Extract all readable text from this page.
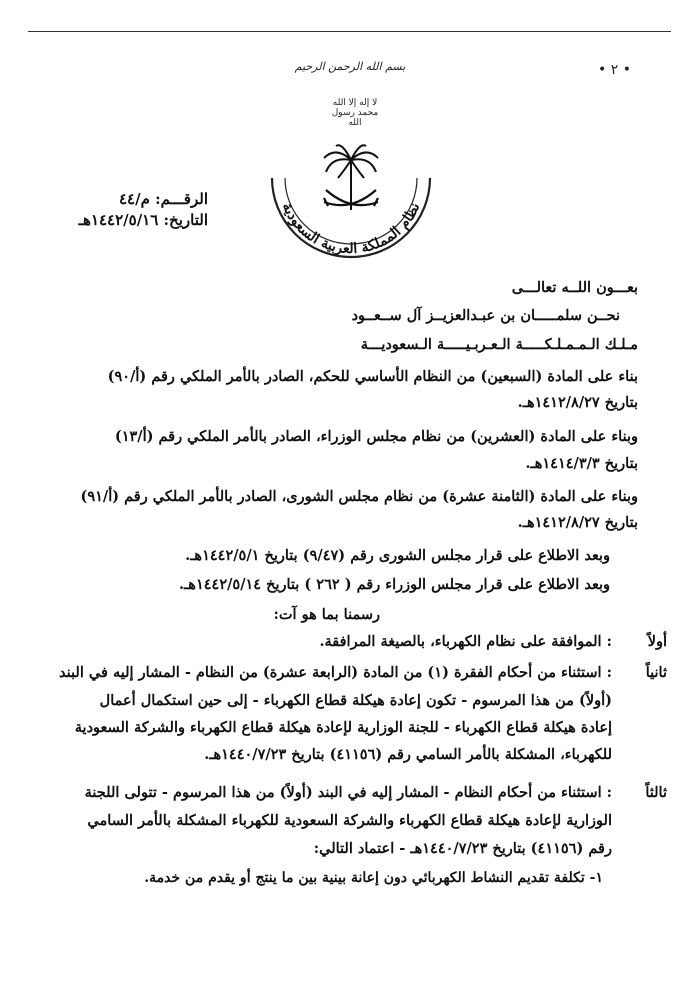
• ٢ •
بسم الله الرحمن الرحيم
لا إله إلا الله محمد رسول الله
نظام المملكة العربية السعودية
الرقـــم: م/٤٤
التاريخ: ١٤٤٢/٥/١٦هـ
بعـــون اللــه تعالـــى
نحــن سلمـــــان بن عبـدالعزيــز آل ســعــود
مـلـك الـمـمـلـكـــــة الـعـربـيـــــة الـسعوديـــة
بناء على المادة (السبعين) من النظام الأساسي للحكم، الصادر بالأمر الملكي رقم (أ/٩٠)
بتاريخ ١٤١٢/٨/٢٧هـ.
وبناء على المادة (العشرين) من نظام مجلس الوزراء، الصادر بالأمر الملكي رقم (أ/١٣)
بتاريخ ١٤١٤/٣/٣هـ.
وبناء على المادة (الثامنة عشرة) من نظام مجلس الشورى، الصادر بالأمر الملكي رقم (أ/٩١)
بتاريخ ١٤١٢/٨/٢٧هـ.
وبعد الاطلاع على قرار مجلس الشورى رقم (٩/٤٧) بتاريخ ١٤٤٢/٥/١هـ.
وبعد الاطلاع على قرار مجلس الوزراء رقم ( ٢٦٢ ) بتاريخ ١٤٤٢/٥/١٤هـ.
رسمنا بما هو آت:
أولاً
: الموافقة على نظام الكهرباء، بالصيغة المرافقة.
ثانياً
: استثناء من أحكام الفقرة (١) من المادة (الرابعة عشرة) من النظام - المشار إليه في البند
(أولاً) من هذا المرسوم - تكون إعادة هيكلة قطاع الكهرباء - إلى حين استكمال أعمال
إعادة هيكلة قطاع الكهرباء - للجنة الوزارية لإعادة هيكلة قطاع الكهرباء والشركة السعودية
للكهرباء، المشكلة بالأمر السامي رقم (٤١١٥٦) بتاريخ ١٤٤٠/٧/٢٣هـ.
ثالثاً
: استثناء من أحكام النظام - المشار إليه في البند (أولاً) من هذا المرسوم - تتولى اللجنة
الوزارية لإعادة هيكلة قطاع الكهرباء والشركة السعودية للكهرباء المشكلة بالأمر السامي
رقم (٤١١٥٦) بتاريخ ١٤٤٠/٧/٢٣هـ - اعتماد التالي:
١- تكلفة تقديم النشاط الكهربائي دون إعانة بينية بين ما ينتج أو يقدم من خدمة.
